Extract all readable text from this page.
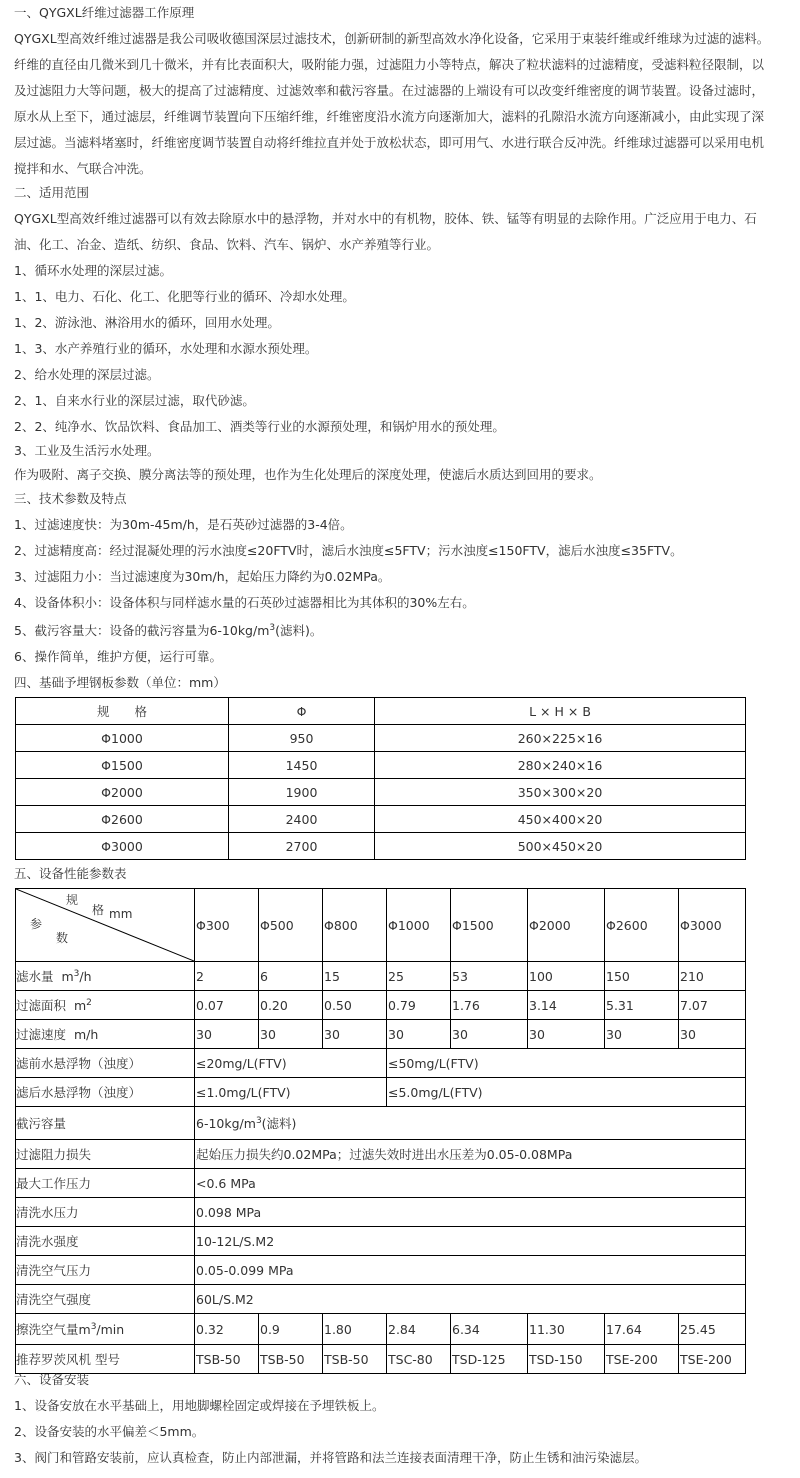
一、QYGXL纤维过滤器工作原理
QYGXL型高效纤维过滤器是我公司吸收德国深层过滤技术，创新研制的新型高效水净化设备，它采用于束装纤维或纤维球为过滤的滤料。
纤维的直径由几微米到几十微米，并有比表面积大，吸附能力强，过滤阻力小等特点，解决了粒状滤料的过滤精度，受滤料粒径限制，以
及过滤阻力大等问题，极大的提高了过滤精度、过滤效率和截污容量。在过滤器的上端设有可以改变纤维密度的调节装置。设备过滤时，
原水从上至下，通过滤层，纤维调节装置向下压缩纤维，纤维密度沿水流方向逐渐加大，滤料的孔隙沿水流方向逐渐减小，由此实现了深
层过滤。当滤料堵塞时，纤维密度调节装置自动将纤维拉直并处于放松状态，即可用气、水进行联合反冲洗。纤维球过滤器可以采用电机
搅拌和水、气联合冲洗。
二、适用范围
QYGXL型高效纤维过滤器可以有效去除原水中的悬浮物，并对水中的有机物，胶体、铁、锰等有明显的去除作用。广泛应用于电力、石
油、化工、冶金、造纸、纺织、食品、饮料、汽车、锅炉、水产养殖等行业。
1、循环水处理的深层过滤。
1、1、电力、石化、化工、化肥等行业的循环、冷却水处理。
1、2、游泳池、淋浴用水的循环，回用水处理。
1、3、水产养殖行业的循环，水处理和水源水预处理。
2、给水处理的深层过滤。
2、1、自来水行业的深层过滤，取代砂滤。
2、2、纯净水、饮品饮料、食品加工、酒类等行业的水源预处理，和锅炉用水的预处理。
3、工业及生活污水处理。
作为吸附、离子交换、膜分离法等的预处理，也作为生化处理后的深度处理，使滤后水质达到回用的要求。
三、技术参数及特点
1、过滤速度快：为30m-45m/h，是石英砂过滤器的3-4倍。
2、过滤精度高：经过混凝处理的污水浊度≤20FTV时，滤后水浊度≤5FTV；污水浊度≤150FTV，滤后水浊度≤35FTV。
3、过滤阻力小：当过滤速度为30m/h，起始压力降约为0.02MPa。
4、设备体积小：设备体积与同样滤水量的石英砂过滤器相比为其体积的30%左右。
5、截污容量大：设备的截污容量为$6-10kg/m^3$(滤料)。
6、操作简单，维护方便，运行可靠。
四、基础予埋钢板参数（单位：mm）
规　　格	Φ	L × H × B
Φ1000	950	260×225×16
Φ1500	1450	280×240×16
Φ2000	1900	350×300×20
Φ2600	2400	450×400×20
Φ3000	2700	500×450×20
五、设备性能参数表
规
格 mm
参
数	Φ300	Φ500	Φ800	Φ1000	Φ1500	Φ2000	Φ2600	Φ3000
滤水量 $m^3/h$	2	6	15	25	53	100	150	210
过滤面积 $m^2$	0.07	0.20	0.50	0.79	1.76	3.14	5.31	7.07
过滤速度 m/h	30	30	30	30	30	30	30	30
滤前水悬浮物（浊度）	≤20mg/L(FTV)			≤50mg/L(FTV)				
滤后水悬浮物（浊度）	≤1.0mg/L(FTV)			≤5.0mg/L(FTV)				
截污容量	$6-10kg/m^3$(滤料)							
过滤阻力损失	起始压力损失约0.02MPa；过滤失效时进出水压差为0.05-0.08MPa							
最大工作压力	<0.6 MPa							
清洗水压力	0.098 MPa							
清洗水强度	10-12L/S.M2							
清洗空气压力	0.05-0.099 MPa							
清洗空气强度	60L/S.M2							
擦洗空气量$m^3/\min$	0.32	0.9	1.80	2.84	6.34	11.30	17.64	25.45
推荐罗茨风机 型号	TSB-50	TSB-50	TSB-50	TSC-80	TSD-125	TSD-150	TSE-200	TSE-200
六、设备安装
1、设备安放在水平基础上，用地脚螺栓固定或焊接在予埋铁板上。
2、设备安装的水平偏差＜5mm。
3、阀门和管路安装前，应认真检查，防止内部泄漏，并将管路和法兰连接表面清理干净，防止生锈和油污染滤层。
